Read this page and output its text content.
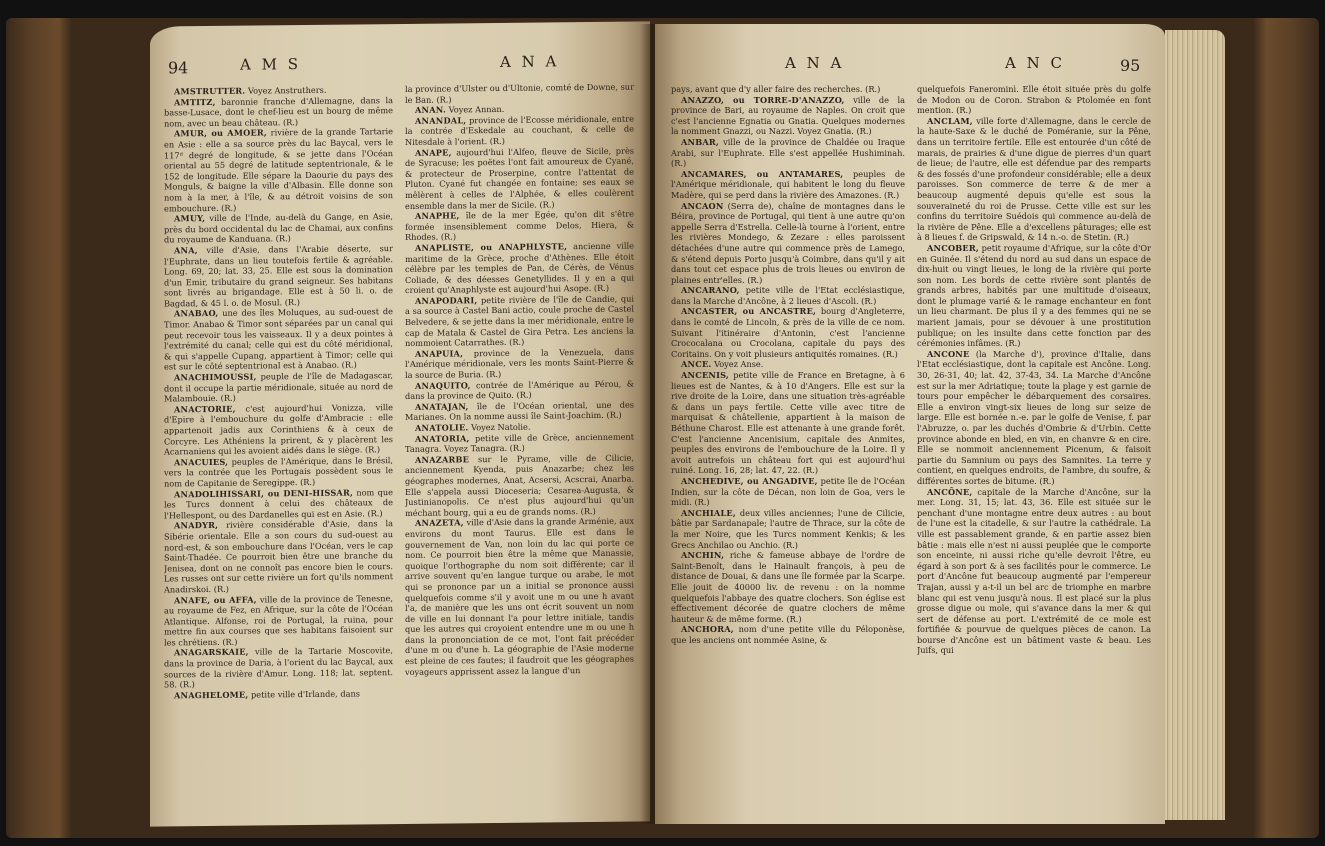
94	A M S	A N A

AMSTRUTTER. Voyez Anstruthers.

AMTITZ, baronnie franche d'Allemagne, dans la basse-Lusace, dont le chef-lieu est un bourg de même nom, avec un beau château. (R.)

AMUR, ou AMOER, rivière de la grande Tartarie en Asie : elle a sa source près du lac Baycal, vers le 117ᵈ degré de longitude, & se jette dans l'Océan oriental au 55 degré de latitude septentrionale, & le 152 de longitude. Elle sépare la Daourie du pays des Monguls, & baigne la ville d'Albasin. Elle donne son nom à la mer, à l'île, & au détroit voisins de son embouchure. (R.)

AMUY, ville de l'Inde, au-delà du Gange, en Asie, près du bord occidental du lac de Chamai, aux confins du royaume de Kanduana. (R.)

ANA, ville d'Asie, dans l'Arabie déserte, sur l'Euphrate, dans un lieu toutefois fertile & agréable. Long. 69, 20; lat. 33, 25. Elle est sous la domination d'un Emir, tributaire du grand seigneur. Ses habitans sont livrés au brigandage. Elle est à 50 li. o. de Bagdad, & 45 l. o. de Mosul. (R.)

ANABAO, une des îles Moluques, au sud-ouest de Timor. Anabao & Timor sont séparées par un canal qui peut recevoir tous les vaisseaux. Il y a deux pointes à l'extrémité du canal; celle qui est du côté méridional, & qui s'appelle Cupang, appartient à Timor; celle qui est sur le côté septentrional est à Anabao. (R.)

ANACHIMOUSSI, peuple de l'île de Madagascar, dont il occupe la partie méridionale, située au nord de Malambouie. (R.)

ANACTORIE, c'est aujourd'hui Vonizza, ville d'Epire à l'embouchure du golfe d'Ambracie : elle appartenoit jadis aux Corinthiens & à ceux de Corcyre. Les Athéniens la prirent, & y placèrent les Acarnaniens qui les avoient aidés dans le siège. (R.)

ANACUIES, peuples de l'Amérique, dans le Brésil, vers la contrée que les Portugais possèdent sous le nom de Capitanie de Seregippe. (R.)

ANADOLIHISSARI, ou DENI-HISSAR, nom que les Turcs donnent à celui des châteaux de l'Hellespont, ou des Dardanelles qui est en Asie. (R.)

ANADYR, rivière considérable d'Asie, dans la Sibérie orientale. Elle a son cours du sud-ouest au nord-est, & son embouchure dans l'Océan, vers le cap Saint-Thadée. Ce pourroit bien être une branche du Jenisea, dont on ne connoît pas encore bien le cours. Les russes ont sur cette rivière un fort qu'ils nomment Anadirskoi. (R.)

ANAFE, ou AFFA, ville de la province de Tenesne, au royaume de Fez, en Afrique, sur la côte de l'Océan Atlantique. Alfonse, roi de Portugal, la ruina, pour mettre fin aux courses que ses habitans faisoient sur les chrétiens. (R.)

ANAGARSKAIE, ville de la Tartarie Moscovite, dans la province de Daria, à l'orient du lac Baycal, aux sources de la rivière d'Amur. Long. 118; lat. septent. 58. (R.)

ANAGHELOME, petite ville d'Irlande, dans

la province d'Ulster ou d'Ultonie, comté de Downe, sur le Ban. (R.)

ANAN. Voyez Annan.

ANANDAL, province de l'Ecosse méridionale, entre la contrée d'Eskedale au couchant, & celle de Nitesdale à l'orient. (R.)

ANAPE, aujourd'hui l'Alfeo, fleuve de Sicile, près de Syracuse; les poëtes l'ont fait amoureux de Cyané, & protecteur de Proserpine, contre l'attentat de Pluton. Cyané fut changée en fontaine; ses eaux se mêlèrent à celles de l'Alphée, & elles coulèrent ensemble dans la mer de Sicile. (R.)

ANAPHE, île de la mer Egée, qu'on dit s'être formée insensiblement comme Delos, Hiera, & Rhodes. (R.)

ANAPLISTE, ou ANAPHLYSTE, ancienne ville maritime de la Grèce, proche d'Athènes. Elle étoit célèbre par les temples de Pan, de Cérès, de Vénus Coliade, & des déesses Genetyllides. Il y en a qui croient qu'Anaphlyste est aujourd'hui Asope. (R.)

ANAPODARI, petite rivière de l'île de Candie, qui a sa source à Castel Bani actio, coule proche de Castel Belvedere, & se jette dans la mer méridionale, entre le cap de Matala & Castel de Gira Petra. Les anciens la nommoient Catarrathes. (R.)

ANAPUIA, province de la Venezuela, dans l'Amérique méridionale, vers les monts Saint-Pierre & la source de Buria. (R.)

ANAQUITO, contrée de l'Amérique au Pérou, & dans la province de Quito. (R.)

ANATAJAN, île de l'Océan oriental, une des Marianes. On la nomme aussi île Saint-Joachim. (R.)

ANATOLIE. Voyez Natolie.

ANATORIA, petite ville de Grèce, anciennement Tanagra. Voyez Tanagra. (R.)

ANAZARBE sur le Pyrame, ville de Cilicie, anciennement Kyenda, puis Anazarbe; chez les géographes modernes, Anat, Acsersi, Acscrai, Anarba. Elle s'appela aussi Dioceseria; Cesarea-Augusta, & Justinianopolis. Ce n'est plus aujourd'hui qu'un méchant bourg, qui a eu de grands noms. (R.)

ANAZETA, ville d'Asie dans la grande Arménie, aux environs du mont Taurus. Elle est dans le gouvernement de Van, non loin du lac qui porte ce nom. Ce pourroit bien être la même que Manassie, quoique l'orthographe du nom soit différente; car il arrive souvent qu'en langue turque ou arabe, le mot qui se prononce par un a initial se prononce aussi quelquefois comme s'il y avoit une m ou une h avant l'a, de manière que les uns ont écrit souvent un nom de ville en lui donnant l'a pour lettre initiale, tandis que les autres qui croyoient entendre une m ou une h dans la prononciation de ce mot, l'ont fait précéder d'une m ou d'une h. La géographie de l'Asie moderne est pleine de ces fautes; il faudroit que les géographes voyageurs apprissent assez la langue d'un

A N A	A N C	95

pays, avant que d'y aller faire des recherches. (R.)

ANAZZO, ou TORRE-D'ANAZZO, ville de la province de Bari, au royaume de Naples. On croit que c'est l'ancienne Egnatia ou Gnatia. Quelques modernes la nomment Gnazzi, ou Nazzi. Voyez Gnatia. (R.)

ANBAR, ville de la province de Chaldée ou Iraque Arabi, sur l'Euphrate. Elle s'est appellée Hushiminah. (R.)

ANCAMARES, ou ANTAMARES, peuples de l'Amérique méridionale, qui habitent le long du fleuve Madère, qui se perd dans la rivière des Amazones. (R.)

ANCAON (Serra de), chaîne de montagnes dans le Béira, province de Portugal, qui tient à une autre qu'on appelle Serra d'Estrella. Celle-là tourne à l'orient, entre les rivières Mondego, & Zezare : elles paroissent détachées d'une autre qui commence près de Lamego, & s'étend depuis Porto jusqu'à Coimbre, dans qu'il y ait dans tout cet espace plus de trois lieues ou environ de plaines entr'elles. (R.)

ANCARANO, petite ville de l'Etat ecclésiastique, dans la Marche d'Ancône, à 2 lieues d'Ascoli. (R.)

ANCASTER, ou ANCASTRE, bourg d'Angleterre, dans le comté de Lincoln, & près de la ville de ce nom. Suivant l'itinéraire d'Antonin, c'est l'ancienne Crococalana ou Crocolana, capitale du pays des Coritains. On y voit plusieurs antiquités romaines. (R.)

ANCE. Voyez Anse.

ANCENIS, petite ville de France en Bretagne, à 6 lieues est de Nantes, & à 10 d'Angers. Elle est sur la rive droite de la Loire, dans une situation très-agréable & dans un pays fertile. Cette ville avec titre de marquisat & châtellenie, appartient à la maison de Béthune Charost. Elle est attenante à une grande forêt. C'est l'ancienne Ancenisium, capitale des Anmites, peuples des environs de l'embouchure de la Loire. Il y avoit autrefois un château fort qui est aujourd'hui ruiné. Long. 16, 28; lat. 47, 22. (R.)

ANCHEDIVE, ou ANGADIVE, petite île de l'Océan Indien, sur la côte de Décan, non loin de Goa, vers le midi. (R.)

ANCHIALE, deux villes anciennes; l'une de Cilicie, bâtie par Sardanapale; l'autre de Thrace, sur la côte de la mer Noire, que les Turcs nomment Kenkis; & les Grecs Anchilao ou Anchio. (R.)

ANCHIN, riche & fameuse abbaye de l'ordre de Saint-Benoît, dans le Hainault françois, à peu de distance de Douai, & dans une île formée par la Scarpe. Elle jouit de 40000 liv. de revenu : on la nomme quelquefois l'abbaye des quatre clochers. Son église est effectivement décorée de quatre clochers de même hauteur & de même forme. (R.)

ANCHORA, nom d'une petite ville du Péloponèse, que les anciens ont nommée Asine, &

quelquefois Fanerominì. Elle étoit située près du golfe de Modon ou de Coron. Strabon & Ptolomée en font mention. (R.)

ANCLAM, ville forte d'Allemagne, dans le cercle de la haute-Saxe & le duché de Poméranie, sur la Pêne, dans un territoire fertile. Elle est entourée d'un côté de marais, de prairies & d'une digue de pierres d'un quart de lieue; de l'autre, elle est défendue par des remparts & des fossés d'une profondeur considérable; elle a deux paroisses. Son commerce de terre & de mer a beaucoup augmenté depuis qu'elle est sous la souveraineté du roi de Prusse. Cette ville est sur les confins du territoire Suédois qui commence au-delà de la rivière de Pêne. Elle a d'excellens pâturages; elle est à 8 lieues f. de Gripswald, & 14 n.-o. de Stetin. (R.)

ANCOBER, petit royaume d'Afrique, sur la côte d'Or en Guinée. Il s'étend du nord au sud dans un espace de dix-huit ou vingt lieues, le long de la rivière qui porte son nom. Les bords de cette rivière sont plantés de grands arbres, habités par une multitude d'oiseaux, dont le plumage varié & le ramage enchanteur en font un lieu charmant. De plus il y a des femmes qui ne se marient jamais, pour se dévouer à une prostitution publique; on les insulte dans cette fonction par des cérémonies infâmes. (R.)

ANCONE (la Marche d'), province d'Italie, dans l'Etat ecclésiastique, dont la capitale est Ancône. Long. 30, 26-31, 40; lat. 42, 37-43, 34. La Marche d'Ancône est sur la mer Adriatique; toute la plage y est garnie de tours pour empêcher le débarquement des corsaires. Elle a environ vingt-six lieues de long sur seize de large. Elle est bornée n.-e. par le golfe de Venise, f. par l'Abruzze, o. par les duchés d'Ombrie & d'Urbin. Cette province abonde en bled, en vin, en chanvre & en cire. Elle se nommoit anciennement Picenum, & faisoit partie du Samnium ou pays des Samnites. La terre y contient, en quelques endroits, de l'ambre, du soufre, & différentes sortes de bitume. (R.)

ANCÔNE, capitale de la Marche d'Ancône, sur la mer. Long. 31, 15; lat. 43, 36. Elle est située sur le penchant d'une montagne entre deux autres : au bout de l'une est la citadelle, & sur l'autre la cathédrale. La ville est passablement grande, & en partie assez bien bâtie : mais elle n'est ni aussi peuplée que le comporte son enceinte, ni aussi riche qu'elle devroit l'être, eu égard à son port & à ses facilités pour le commerce. Le port d'Ancône fut beaucoup augmenté par l'empereur Trajan, aussi y a-t-il un bel arc de triomphe en marbre blanc qui est venu jusqu'à nous. Il est placé sur la plus grosse digue ou mole, qui s'avance dans la mer & qui sert de défense au port. L'extrémité de ce mole est fortifiée & pourvue de quelques pièces de canon. La bourse d'Ancône est un bâtiment vaste & beau. Les Juifs, qui
